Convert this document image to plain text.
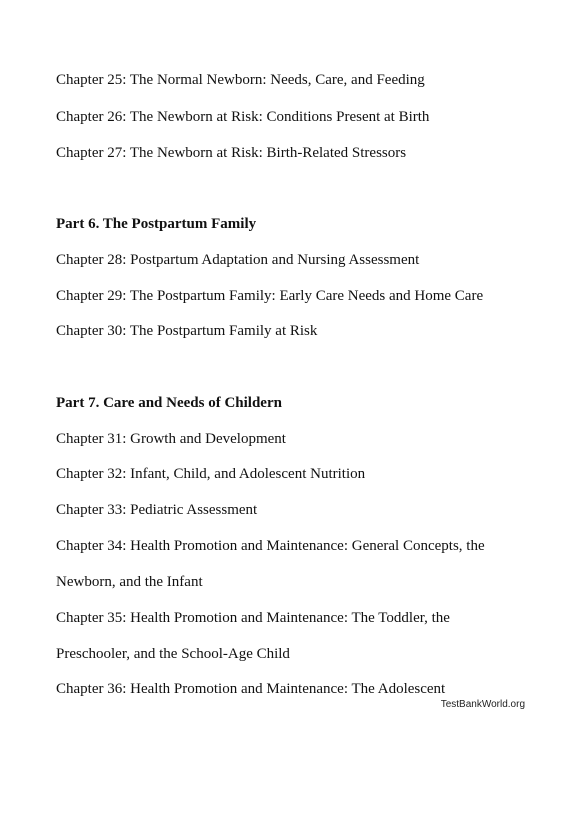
Chapter 25: The Normal Newborn: Needs, Care, and Feeding
Chapter 26: The Newborn at Risk: Conditions Present at Birth
Chapter 27: The Newborn at Risk: Birth-Related Stressors
Part 6. The Postpartum Family
Chapter 28: Postpartum Adaptation and Nursing Assessment
Chapter 29: The Postpartum Family: Early Care Needs and Home Care
Chapter 30: The Postpartum Family at Risk
Part 7. Care and Needs of Childern
Chapter 31: Growth and Development
Chapter 32: Infant, Child, and Adolescent Nutrition
Chapter 33: Pediatric Assessment
Chapter 34: Health Promotion and Maintenance: General Concepts, the
Newborn, and the Infant
Chapter 35: Health Promotion and Maintenance: The Toddler, the
Preschooler, and the School-Age Child
Chapter 36: Health Promotion and Maintenance: The Adolescent
TestBankWorld.org
